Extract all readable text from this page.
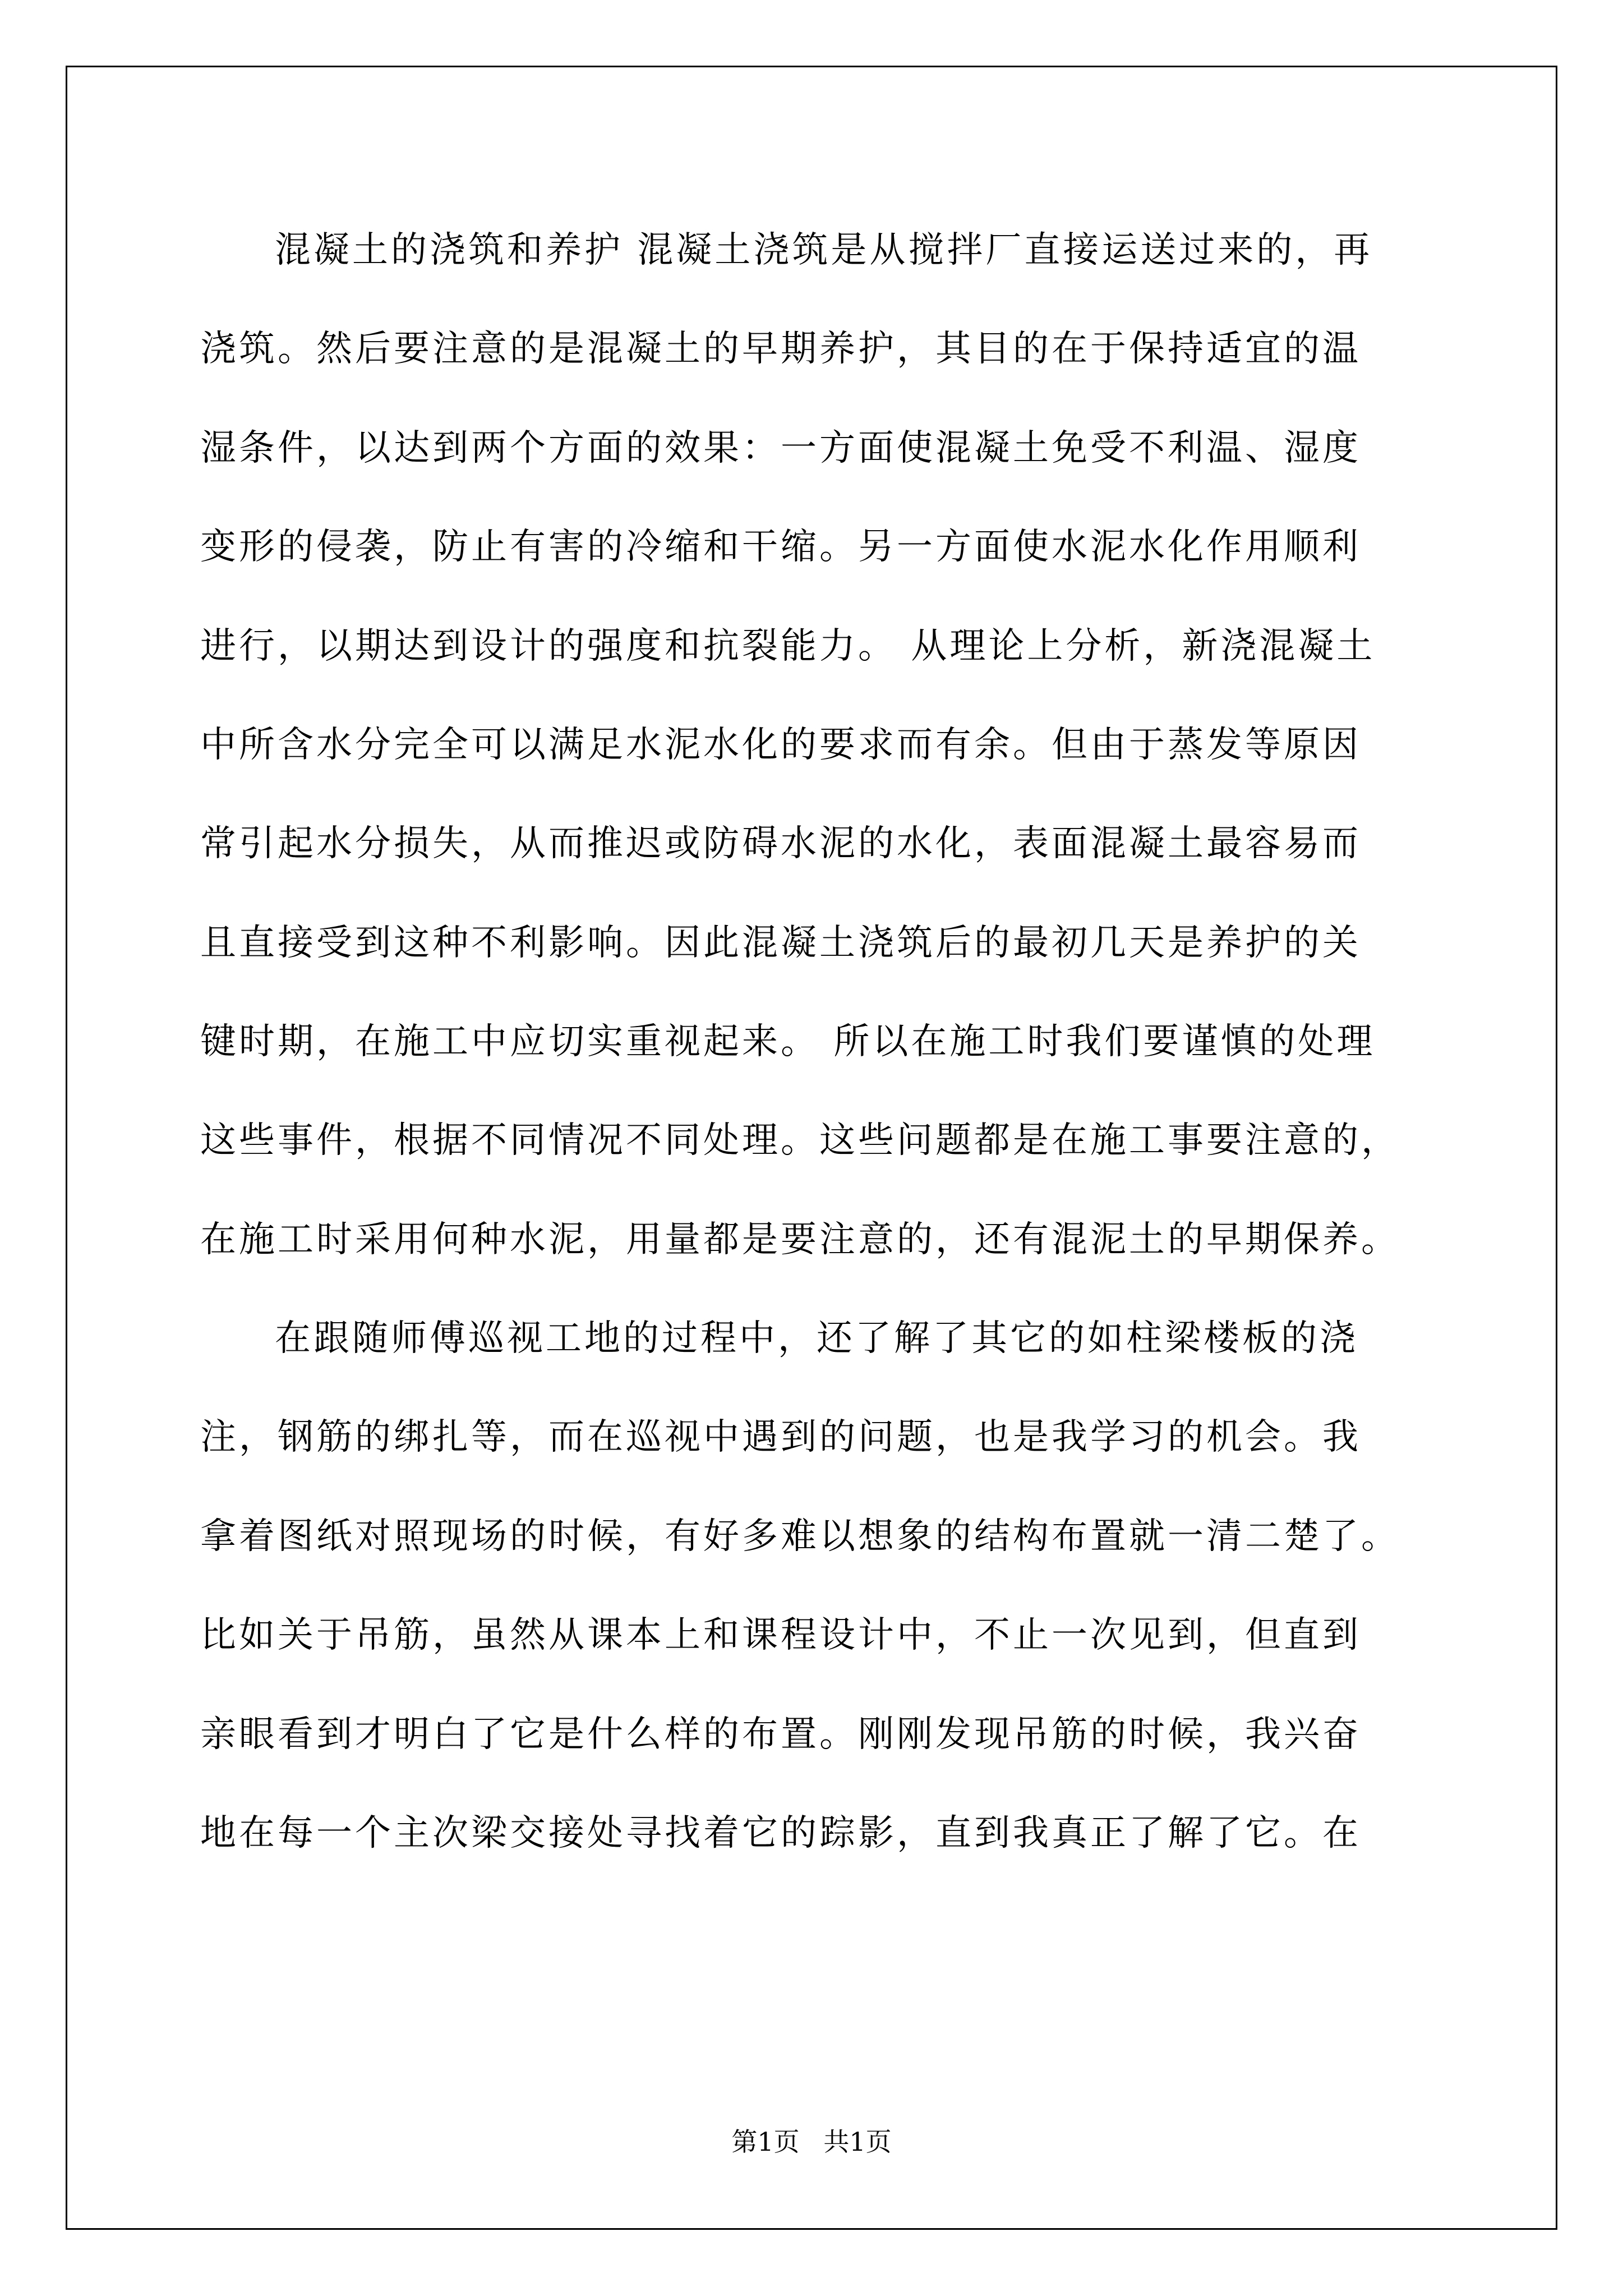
混凝土的浇筑和养护 混凝土浇筑是从搅拌厂直接运送过来的，再
浇筑。然后要注意的是混凝土的早期养护，其目的在于保持适宜的温
湿条件，以达到两个方面的效果：一方面使混凝土免受不利温、湿度
变形的侵袭，防止有害的冷缩和干缩。另一方面使水泥水化作用顺利
进行，以期达到设计的强度和抗裂能力。 从理论上分析，新浇混凝土
中所含水分完全可以满足水泥水化的要求而有余。但由于蒸发等原因
常引起水分损失，从而推迟或防碍水泥的水化，表面混凝土最容易而
且直接受到这种不利影响。因此混凝土浇筑后的最初几天是养护的关
键时期，在施工中应切实重视起来。 所以在施工时我们要谨慎的处理
这些事件，根据不同情况不同处理。这些问题都是在施工事要注意的，
在施工时采用何种水泥，用量都是要注意的，还有混泥土的早期保养。
在跟随师傅巡视工地的过程中，还了解了其它的如柱梁楼板的浇
注，钢筋的绑扎等，而在巡视中遇到的问题，也是我学习的机会。我
拿着图纸对照现场的时候，有好多难以想象的结构布置就一清二楚了。
比如关于吊筋，虽然从课本上和课程设计中，不止一次见到，但直到
亲眼看到才明白了它是什么样的布置。刚刚发现吊筋的时候，我兴奋
地在每一个主次梁交接处寻找着它的踪影，直到我真正了解了它。在
第1页 共1页
